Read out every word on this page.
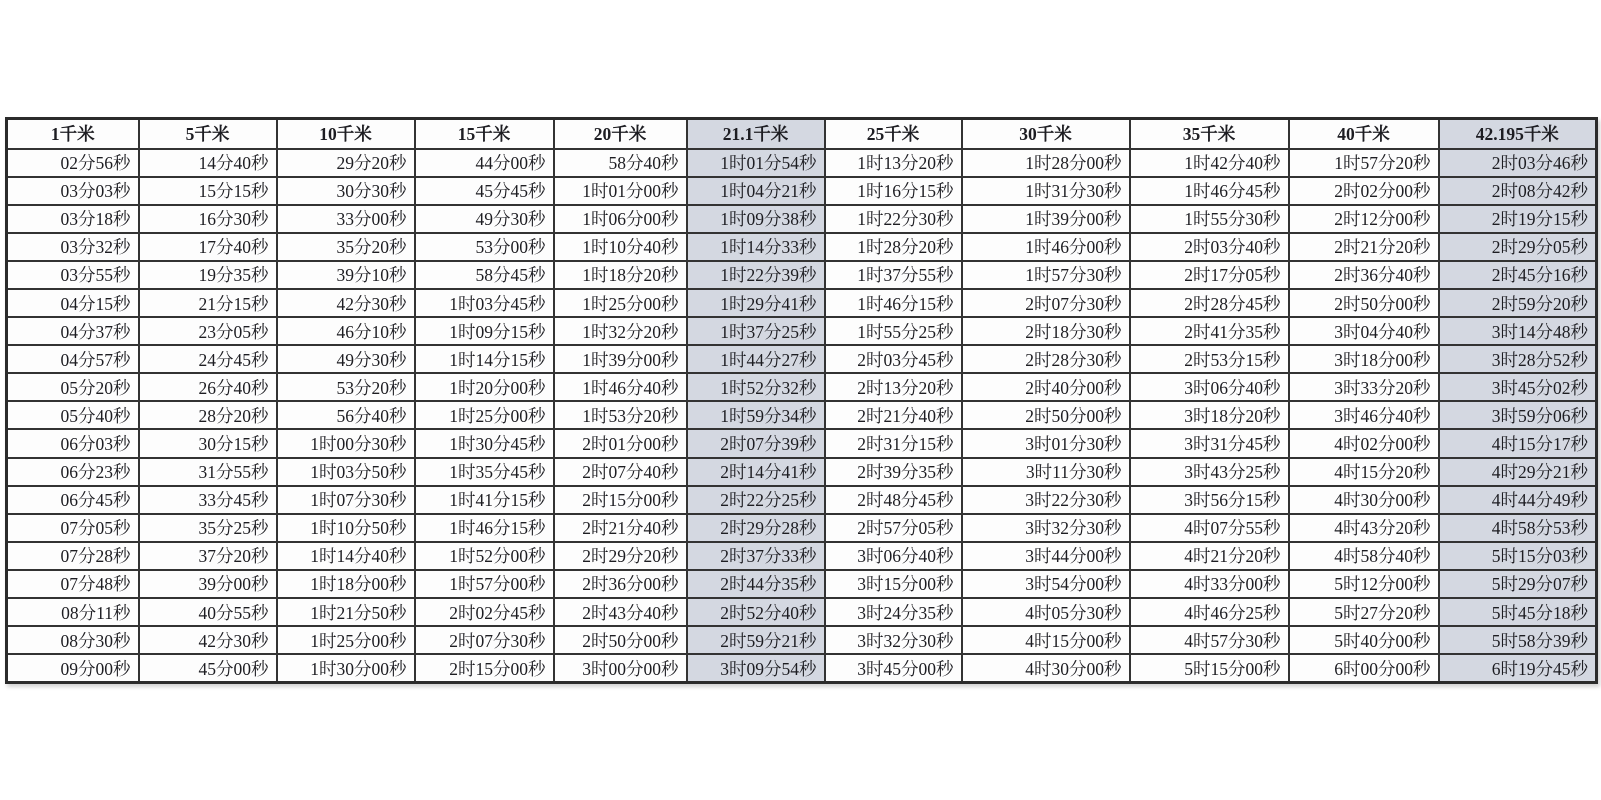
1千米	5千米	10千米	15千米	20千米	21.1千米	25千米	30千米	35千米	40千米	42.195千米
02分56秒	14分40秒	29分20秒	44分00秒	58分40秒	1时01分54秒	1时13分20秒	1时28分00秒	1时42分40秒	1时57分20秒	2时03分46秒
03分03秒	15分15秒	30分30秒	45分45秒	1时01分00秒	1时04分21秒	1时16分15秒	1时31分30秒	1时46分45秒	2时02分00秒	2时08分42秒
03分18秒	16分30秒	33分00秒	49分30秒	1时06分00秒	1时09分38秒	1时22分30秒	1时39分00秒	1时55分30秒	2时12分00秒	2时19分15秒
03分32秒	17分40秒	35分20秒	53分00秒	1时10分40秒	1时14分33秒	1时28分20秒	1时46分00秒	2时03分40秒	2时21分20秒	2时29分05秒
03分55秒	19分35秒	39分10秒	58分45秒	1时18分20秒	1时22分39秒	1时37分55秒	1时57分30秒	2时17分05秒	2时36分40秒	2时45分16秒
04分15秒	21分15秒	42分30秒	1时03分45秒	1时25分00秒	1时29分41秒	1时46分15秒	2时07分30秒	2时28分45秒	2时50分00秒	2时59分20秒
04分37秒	23分05秒	46分10秒	1时09分15秒	1时32分20秒	1时37分25秒	1时55分25秒	2时18分30秒	2时41分35秒	3时04分40秒	3时14分48秒
04分57秒	24分45秒	49分30秒	1时14分15秒	1时39分00秒	1时44分27秒	2时03分45秒	2时28分30秒	2时53分15秒	3时18分00秒	3时28分52秒
05分20秒	26分40秒	53分20秒	1时20分00秒	1时46分40秒	1时52分32秒	2时13分20秒	2时40分00秒	3时06分40秒	3时33分20秒	3时45分02秒
05分40秒	28分20秒	56分40秒	1时25分00秒	1时53分20秒	1时59分34秒	2时21分40秒	2时50分00秒	3时18分20秒	3时46分40秒	3时59分06秒
06分03秒	30分15秒	1时00分30秒	1时30分45秒	2时01分00秒	2时07分39秒	2时31分15秒	3时01分30秒	3时31分45秒	4时02分00秒	4时15分17秒
06分23秒	31分55秒	1时03分50秒	1时35分45秒	2时07分40秒	2时14分41秒	2时39分35秒	3时11分30秒	3时43分25秒	4时15分20秒	4时29分21秒
06分45秒	33分45秒	1时07分30秒	1时41分15秒	2时15分00秒	2时22分25秒	2时48分45秒	3时22分30秒	3时56分15秒	4时30分00秒	4时44分49秒
07分05秒	35分25秒	1时10分50秒	1时46分15秒	2时21分40秒	2时29分28秒	2时57分05秒	3时32分30秒	4时07分55秒	4时43分20秒	4时58分53秒
07分28秒	37分20秒	1时14分40秒	1时52分00秒	2时29分20秒	2时37分33秒	3时06分40秒	3时44分00秒	4时21分20秒	4时58分40秒	5时15分03秒
07分48秒	39分00秒	1时18分00秒	1时57分00秒	2时36分00秒	2时44分35秒	3时15分00秒	3时54分00秒	4时33分00秒	5时12分00秒	5时29分07秒
08分11秒	40分55秒	1时21分50秒	2时02分45秒	2时43分40秒	2时52分40秒	3时24分35秒	4时05分30秒	4时46分25秒	5时27分20秒	5时45分18秒
08分30秒	42分30秒	1时25分00秒	2时07分30秒	2时50分00秒	2时59分21秒	3时32分30秒	4时15分00秒	4时57分30秒	5时40分00秒	5时58分39秒
09分00秒	45分00秒	1时30分00秒	2时15分00秒	3时00分00秒	3时09分54秒	3时45分00秒	4时30分00秒	5时15分00秒	6时00分00秒	6时19分45秒
